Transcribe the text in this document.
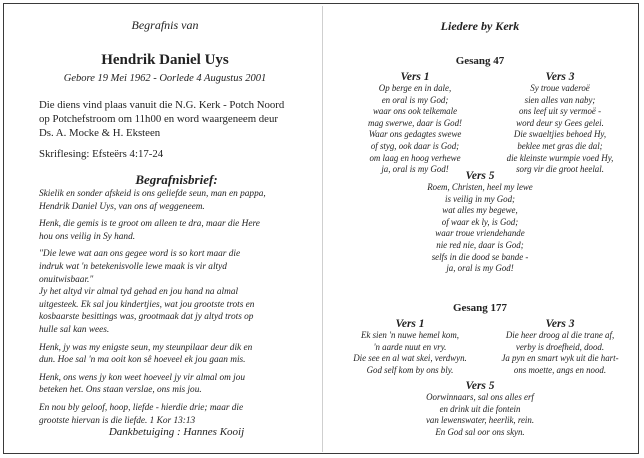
Begrafnis van
Hendrik Daniel Uys
Gebore 19 Mei 1962 - Oorlede 4 Augustus 2001
Die diens vind plaas vanuit die N.G. Kerk - Potch Noord
op Potchefstroom om 11h00 en word waargeneem deur
Ds. A. Mocke & H. Eksteen
Skriflesing: Efsteërs 4:17-24
Begrafnisbrief:
Skielik en sonder afskeid is ons geliefde seun, man en pappa,
Hendrik Daniel Uys, van ons af weggeneem.
Henk, die gemis is te groot om alleen te dra, maar die Here
hou ons veilig in Sy hand.
"Die lewe wat aan ons gegee word is so kort maar die
indruk wat 'n betekenisvolle lewe maak is vir altyd
onuitwisbaar."
Jy het altyd vir almal tyd gehad en jou hand na almal
uitgesteek. Ek sal jou kindertjies, wat jou grootste trots en
kosbaarste besittings was, grootmaak dat jy altyd trots op
hulle sal kan wees.
Henk, jy was my enigste seun, my steunpilaar deur dik en
dun. Hoe sal 'n ma ooit kon sê hoeveel ek jou gaan mis.
Henk, ons wens jy kon weet hoeveel jy vir almal om jou
beteken het. Ons staan verslae, ons mis jou.
En nou bly geloof, hoop, liefde - hierdie drie; maar die
grootste hiervan is die liefde. 1 Kor 13:13
Dankbetuiging : Hannes Kooij
Liedere by Kerk
Gesang 47
Vers 1
Op berge en in dale,
en oral is my God;
waar ons ook telkemale
mag swerwe, daar is God!
Waar ons gedagtes swewe
of styg, ook daar is God;
om laag en hoog verhewe
ja, oral is my God!
Vers 3
Sy troue vaderoë
sien alles van naby;
ons leef uit sy vermoë -
word deur sy Gees gelei.
Die swaeltjies behoed Hy,
beklee met gras die dal;
die kleinste wurmpie voed Hy,
sorg vir die groot heelal.
Vers 5
Roem, Christen, heel my lewe
is veilig in my God;
wat alles my begewe,
of waar ek ly, is God;
waar troue vriendehande
nie red nie, daar is God;
selfs in die dood se bande -
ja, oral is my God!
Gesang 177
Vers 1
Ek sien 'n nuwe hemel kom,
'n aarde nuut en vry.
Die see en al wat skei, verdwyn.
God self kom by ons bly.
Vers 3
Die heer droog al die trane af,
verby is droefheid, dood.
Ja pyn en smart wyk uit die hart-
ons moette, angs en nood.
Vers 5
Oorwinnaars, sal ons alles erf
en drink uit die fontein
van lewenswater, heerlik, rein.
En God sal oor ons skyn.
